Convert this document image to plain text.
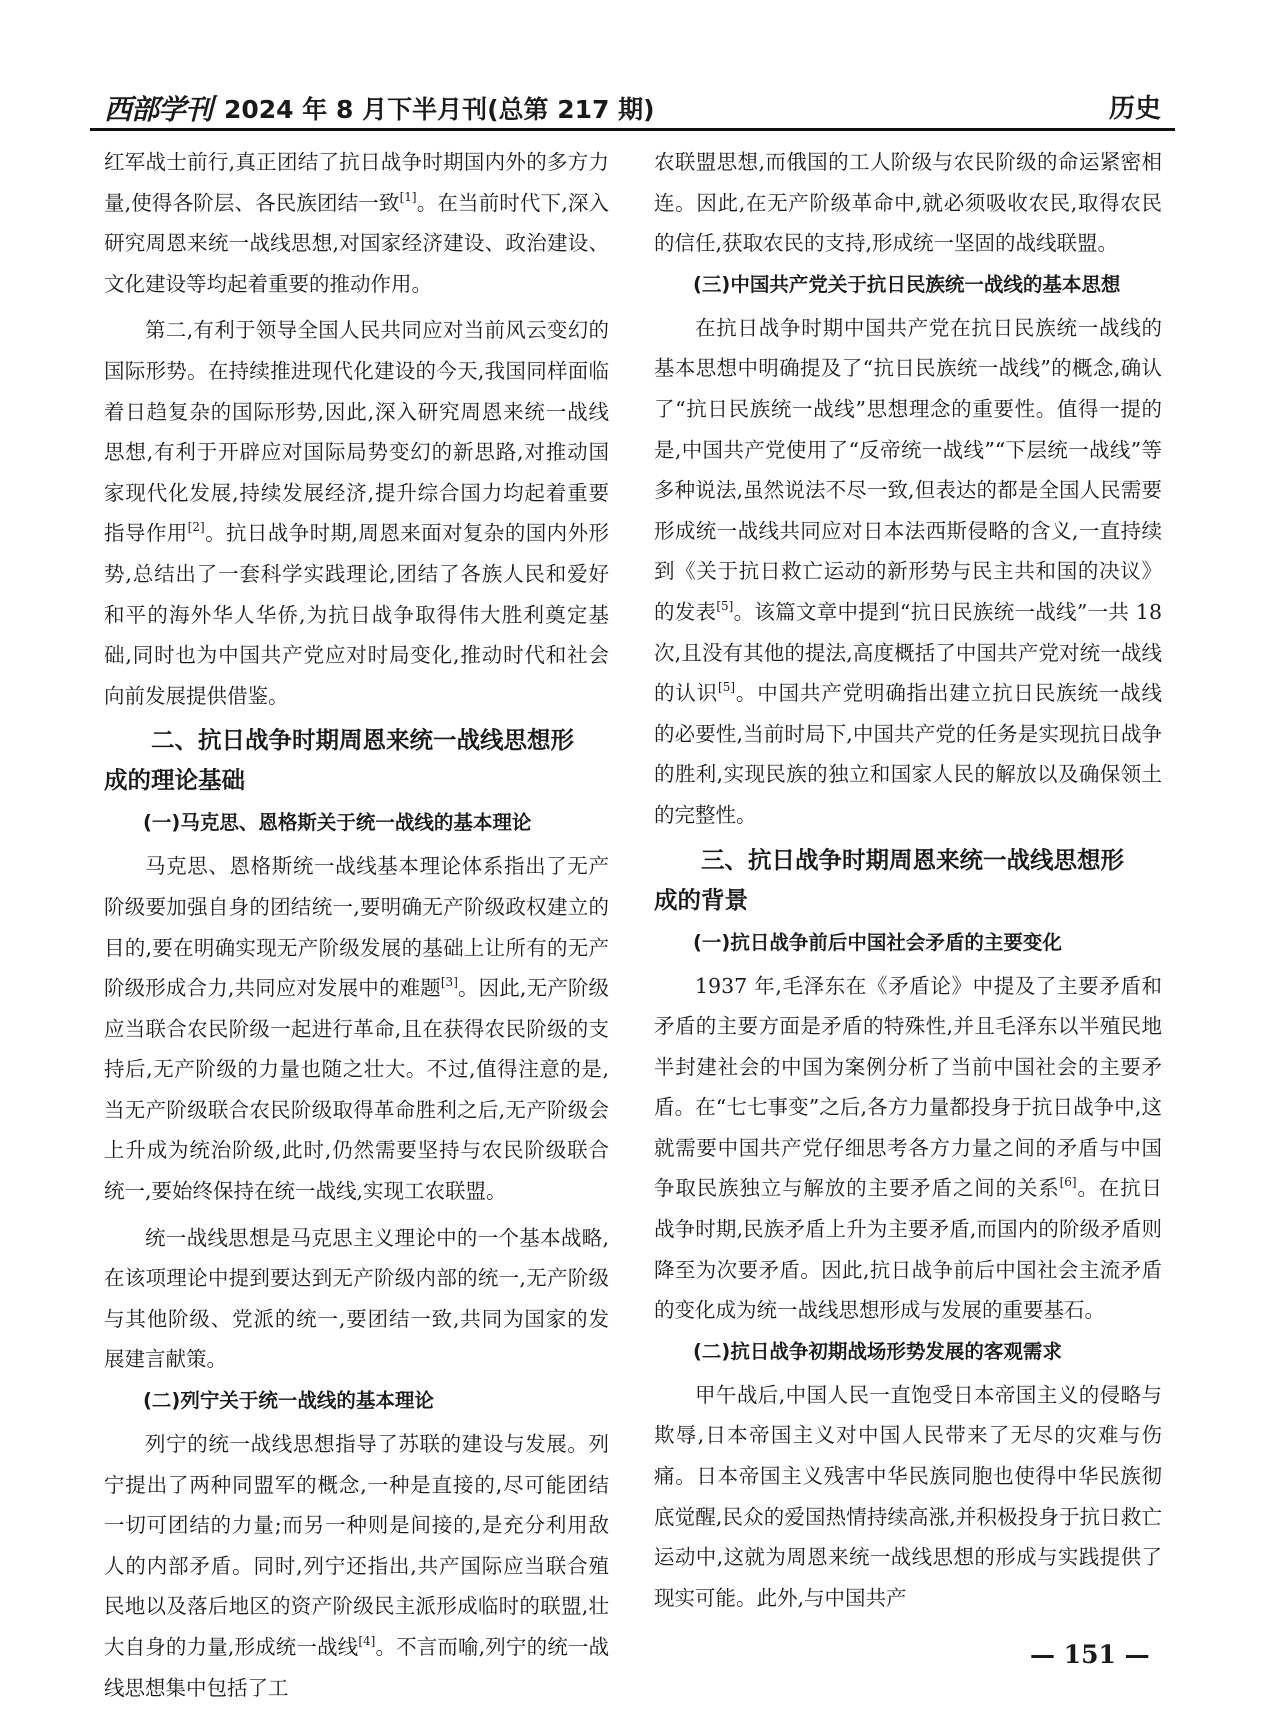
西部学刊 2024 年 8 月下半月刊(总第 217 期)	历史

红军战士前行,真正团结了抗日战争时期国内外的多方力量,使得各阶层、各民族团结一致[1]。在当前时代下,深入研究周恩来统一战线思想,对国家经济建设、政治建设、文化建设等均起着重要的推动作用。

第二,有利于领导全国人民共同应对当前风云变幻的国际形势。在持续推进现代化建设的今天,我国同样面临着日趋复杂的国际形势,因此,深入研究周恩来统一战线思想,有利于开辟应对国际局势变幻的新思路,对推动国家现代化发展,持续发展经济,提升综合国力均起着重要指导作用[2]。抗日战争时期,周恩来面对复杂的国内外形势,总结出了一套科学实践理论,团结了各族人民和爱好和平的海外华人华侨,为抗日战争取得伟大胜利奠定基础,同时也为中国共产党应对时局变化,推动时代和社会向前发展提供借鉴。

二、抗日战争时期周恩来统一战线思想形
成的理论基础
(一)马克思、恩格斯关于统一战线的基本理论

马克思、恩格斯统一战线基本理论体系指出了无产阶级要加强自身的团结统一,要明确无产阶级政权建立的目的,要在明确实现无产阶级发展的基础上让所有的无产阶级形成合力,共同应对发展中的难题[3]。因此,无产阶级应当联合农民阶级一起进行革命,且在获得农民阶级的支持后,无产阶级的力量也随之壮大。不过,值得注意的是,当无产阶级联合农民阶级取得革命胜利之后,无产阶级会上升成为统治阶级,此时,仍然需要坚持与农民阶级联合统一,要始终保持在统一战线,实现工农联盟。

统一战线思想是马克思主义理论中的一个基本战略,在该项理论中提到要达到无产阶级内部的统一,无产阶级与其他阶级、党派的统一,要团结一致,共同为国家的发展建言献策。

(二)列宁关于统一战线的基本理论

列宁的统一战线思想指导了苏联的建设与发展。列宁提出了两种同盟军的概念,一种是直接的,尽可能团结一切可团结的力量;而另一种则是间接的,是充分利用敌人的内部矛盾。同时,列宁还指出,共产国际应当联合殖民地以及落后地区的资产阶级民主派形成临时的联盟,壮大自身的力量,形成统一战线[4]。不言而喻,列宁的统一战线思想集中包括了工

农联盟思想,而俄国的工人阶级与农民阶级的命运紧密相连。因此,在无产阶级革命中,就必须吸收农民,取得农民的信任,获取农民的支持,形成统一坚固的战线联盟。

(三)中国共产党关于抗日民族统一战线的基本思想

在抗日战争时期中国共产党在抗日民族统一战线的基本思想中明确提及了“抗日民族统一战线”的概念,确认了“抗日民族统一战线”思想理念的重要性。值得一提的是,中国共产党使用了“反帝统一战线”“下层统一战线”等多种说法,虽然说法不尽一致,但表达的都是全国人民需要形成统一战线共同应对日本法西斯侵略的含义,一直持续到《关于抗日救亡运动的新形势与民主共和国的决议》的发表[5]。该篇文章中提到“抗日民族统一战线”一共 18 次,且没有其他的提法,高度概括了中国共产党对统一战线的认识[5]。中国共产党明确指出建立抗日民族统一战线的必要性,当前时局下,中国共产党的任务是实现抗日战争的胜利,实现民族的独立和国家人民的解放以及确保领土的完整性。

三、抗日战争时期周恩来统一战线思想形
成的背景
(一)抗日战争前后中国社会矛盾的主要变化

1937 年,毛泽东在《矛盾论》中提及了主要矛盾和矛盾的主要方面是矛盾的特殊性,并且毛泽东以半殖民地半封建社会的中国为案例分析了当前中国社会的主要矛盾。在“七七事变”之后,各方力量都投身于抗日战争中,这就需要中国共产党仔细思考各方力量之间的矛盾与中国争取民族独立与解放的主要矛盾之间的关系[6]。在抗日战争时期,民族矛盾上升为主要矛盾,而国内的阶级矛盾则降至为次要矛盾。因此,抗日战争前后中国社会主流矛盾的变化成为统一战线思想形成与发展的重要基石。

(二)抗日战争初期战场形势发展的客观需求

甲午战后,中国人民一直饱受日本帝国主义的侵略与欺辱,日本帝国主义对中国人民带来了无尽的灾难与伤痛。日本帝国主义残害中华民族同胞也使得中华民族彻底觉醒,民众的爱国热情持续高涨,并积极投身于抗日救亡运动中,这就为周恩来统一战线思想的形成与实践提供了现实可能。此外,与中国共产

— 151 —
